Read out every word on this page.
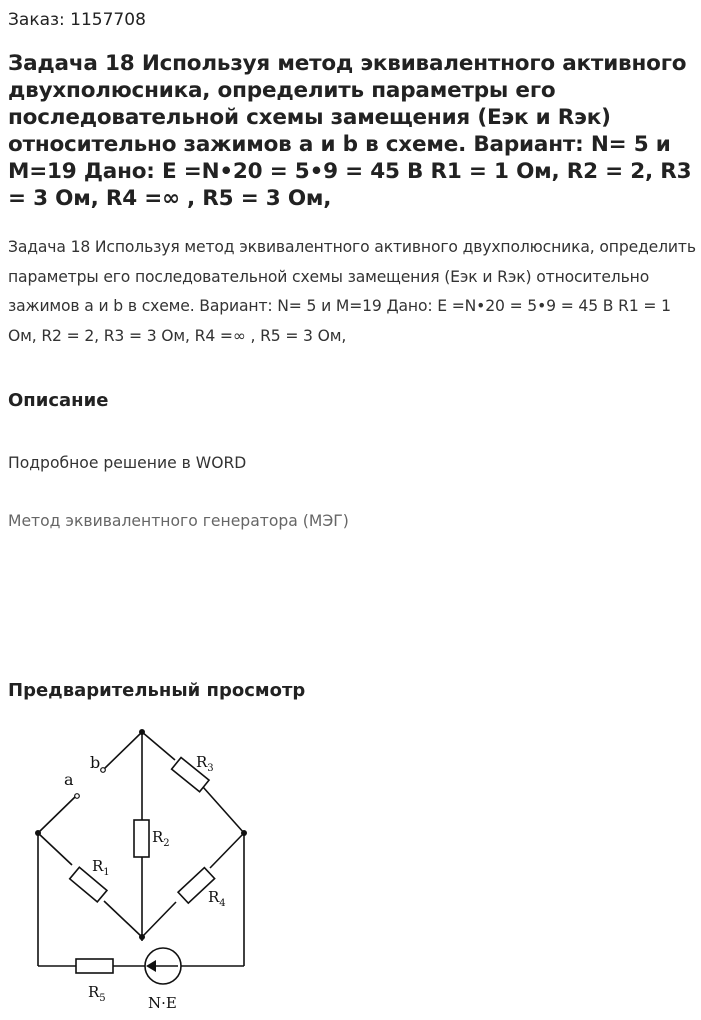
Заказ: 1157708
Задача 18 Используя метод эквивалентного активного двухполюсника, определить параметры его последовательной схемы замещения (Еэк и Rэк) относительно зажимов a и b в схеме. Вариант: N= 5 и M=19 Дано: E =N•20 = 5•9 = 45 В R1 = 1 Ом, R2 = 2, R3 = 3 Ом, R4 =∞ , R5 = 3 Ом,
Задача 18 Используя метод эквивалентного активного двухполюсника, определить параметры его последовательной схемы замещения (Еэк и Rэк) относительно зажимов a и b в схеме. Вариант: N= 5 и M=19 Дано: E =N•20 = 5•9 = 45 В R1 = 1 Ом, R2 = 2, R3 = 3 Ом, R4 =∞ , R5 = 3 Ом,
Описание
Подробное решение в WORD
Метод эквивалентного генератора (МЭГ)
Предварительный просмотр
a
b	$R_3$
$R_2$
$R_1$
$R_4$
$R_5$	N·E
